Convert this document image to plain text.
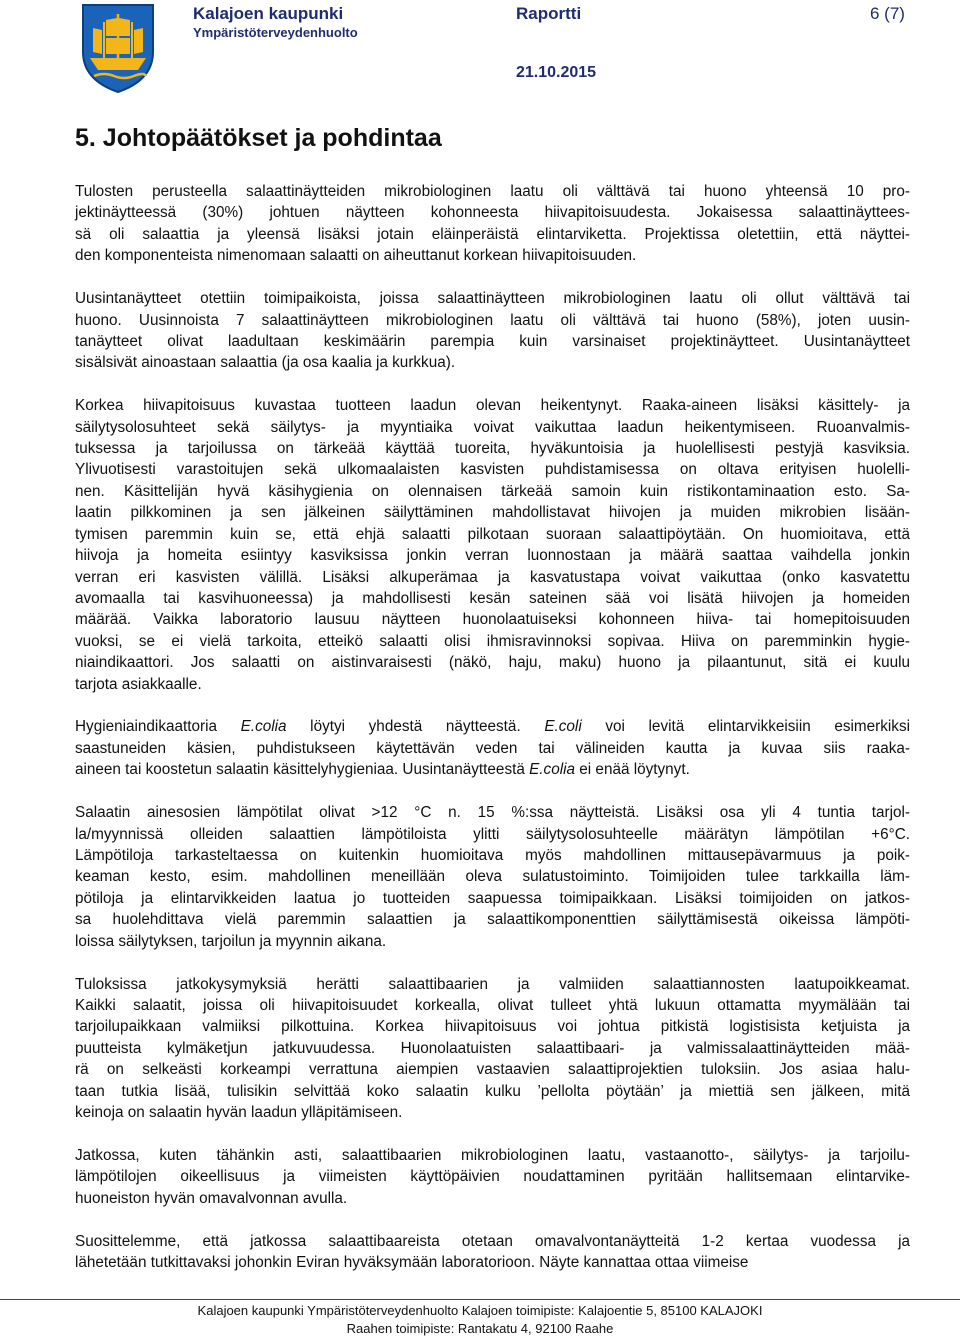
Kalajoen kaupunki
Ympäristöterveydenhuolto
Raportti	6 (7)
21.10.2015
5. Johtopäätökset ja pohdintaa

Tulosten perusteella salaattinäytteiden mikrobiologinen laatu oli välttävä tai huono yhteensä 10 pro-
jektinäytteessä (30%) johtuen näytteen kohonneesta hiivapitoisuudesta. Jokaisessa salaattinäyttees-
sä oli salaattia ja yleensä lisäksi jotain eläinperäistä elintarviketta. Projektissa oletettiin, että näyttei-
den komponenteista nimenomaan salaatti on aiheuttanut korkean hiivapitoisuuden.

Uusintanäytteet otettiin toimipaikoista, joissa salaattinäytteen mikrobiologinen laatu oli ollut välttävä tai
huono. Uusinnoista 7 salaattinäytteen mikrobiologinen laatu oli välttävä tai huono (58%), joten uusin-
tanäytteet olivat laadultaan keskimäärin parempia kuin varsinaiset projektinäytteet. Uusintanäytteet
sisälsivät ainoastaan salaattia (ja osa kaalia ja kurkkua).

Korkea hiivapitoisuus kuvastaa tuotteen laadun olevan heikentynyt. Raaka-aineen lisäksi käsittely- ja
säilytysolosuhteet sekä säilytys- ja myyntiaika voivat vaikuttaa laadun heikentymiseen. Ruoanvalmis-
tuksessa ja tarjoilussa on tärkeää käyttää tuoreita, hyväkuntoisia ja huolellisesti pestyjä kasviksia.
Ylivuotisesti varastoitujen sekä ulkomaalaisten kasvisten puhdistamisessa on oltava erityisen huolelli-
nen. Käsittelijän hyvä käsihygienia on olennaisen tärkeää samoin kuin ristikontaminaation esto. Sa-
laatin pilkkominen ja sen jälkeinen säilyttäminen mahdollistavat hiivojen ja muiden mikrobien lisään-
tymisen paremmin kuin se, että ehjä salaatti pilkotaan suoraan salaattipöytään. On huomioitava, että
hiivoja ja homeita esiintyy kasviksissa jonkin verran luonnostaan ja määrä saattaa vaihdella jonkin
verran eri kasvisten välillä. Lisäksi alkuperämaa ja kasvatustapa voivat vaikuttaa (onko kasvatettu
avomaalla tai kasvihuoneessa) ja mahdollisesti kesän sateinen sää voi lisätä hiivojen ja homeiden
määrää. Vaikka laboratorio lausuu näytteen huonolaatuiseksi kohonneen hiiva- tai homepitoisuuden
vuoksi, se ei vielä tarkoita, etteikö salaatti olisi ihmisravinnoksi sopivaa. Hiiva on paremminkin hygie-
niaindikaattori. Jos salaatti on aistinvaraisesti (näkö, haju, maku) huono ja pilaantunut, sitä ei kuulu
tarjota asiakkaalle.

Hygieniaindikaattoria E.colia löytyi yhdestä näytteestä. E.coli voi levitä elintarvikkeisiin esimerkiksi
saastuneiden käsien, puhdistukseen käytettävän veden tai välineiden kautta ja kuvaa siis raaka-
aineen tai koostetun salaatin käsittelyhygieniaa. Uusintanäytteestä E.colia ei enää löytynyt.

Salaatin ainesosien lämpötilat olivat >12 °C n. 15 %:ssa näytteistä. Lisäksi osa yli 4 tuntia tarjol-
la/myynnissä olleiden salaattien lämpötiloista ylitti säilytysolosuhteelle määrätyn lämpötilan +6°C.
Lämpötiloja tarkasteltaessa on kuitenkin huomioitava myös mahdollinen mittausepävarmuus ja poik-
keaman kesto, esim. mahdollinen meneillään oleva sulatustoiminto. Toimijoiden tulee tarkkailla läm-
pötiloja ja elintarvikkeiden laatua jo tuotteiden saapuessa toimipaikkaan. Lisäksi toimijoiden on jatkos-
sa huolehdittava vielä paremmin salaattien ja salaattikomponenttien säilyttämisestä oikeissa lämpöti-
loissa säilytyksen, tarjoilun ja myynnin aikana.

Tuloksissa jatkokysymyksiä herätti salaattibaarien ja valmiiden salaattiannosten laatupoikkeamat.
Kaikki salaatit, joissa oli hiivapitoisuudet korkealla, olivat tulleet yhtä lukuun ottamatta myymälään tai
tarjoilupaikkaan valmiiksi pilkottuina. Korkea hiivapitoisuus voi johtua pitkistä logistisista ketjuista ja
puutteista kylmäketjun jatkuvuudessa. Huonolaatuisten salaattibaari- ja valmissalaattinäytteiden mää-
rä on selkeästi korkeampi verrattuna aiempien vastaavien salaattiprojektien tuloksiin. Jos asiaa halu-
taan tutkia lisää, tulisikin selvittää koko salaatin kulku ’pellolta pöytään’ ja miettiä sen jälkeen, mitä
keinoja on salaatin hyvän laadun ylläpitämiseen.

Jatkossa, kuten tähänkin asti, salaattibaarien mikrobiologinen laatu, vastaanotto-, säilytys- ja tarjoilu-
lämpötilojen oikeellisuus ja viimeisten käyttöpäivien noudattaminen pyritään hallitsemaan elintarvike-
huoneiston hyvän omavalvonnan avulla.

Suosittelemme, että jatkossa salaattibaareista otetaan omavalvontanäytteitä 1-2 kertaa vuodessa ja
lähetetään tutkittavaksi johonkin Eviran hyväksymään laboratorioon. Näyte kannattaa ottaa viimeise

Kalajoen kaupunki Ympäristöterveydenhuolto Kalajoen toimipiste: Kalajoentie 5, 85100 KALAJOKI
Raahen toimipiste: Rantakatu 4, 92100 Raahe
